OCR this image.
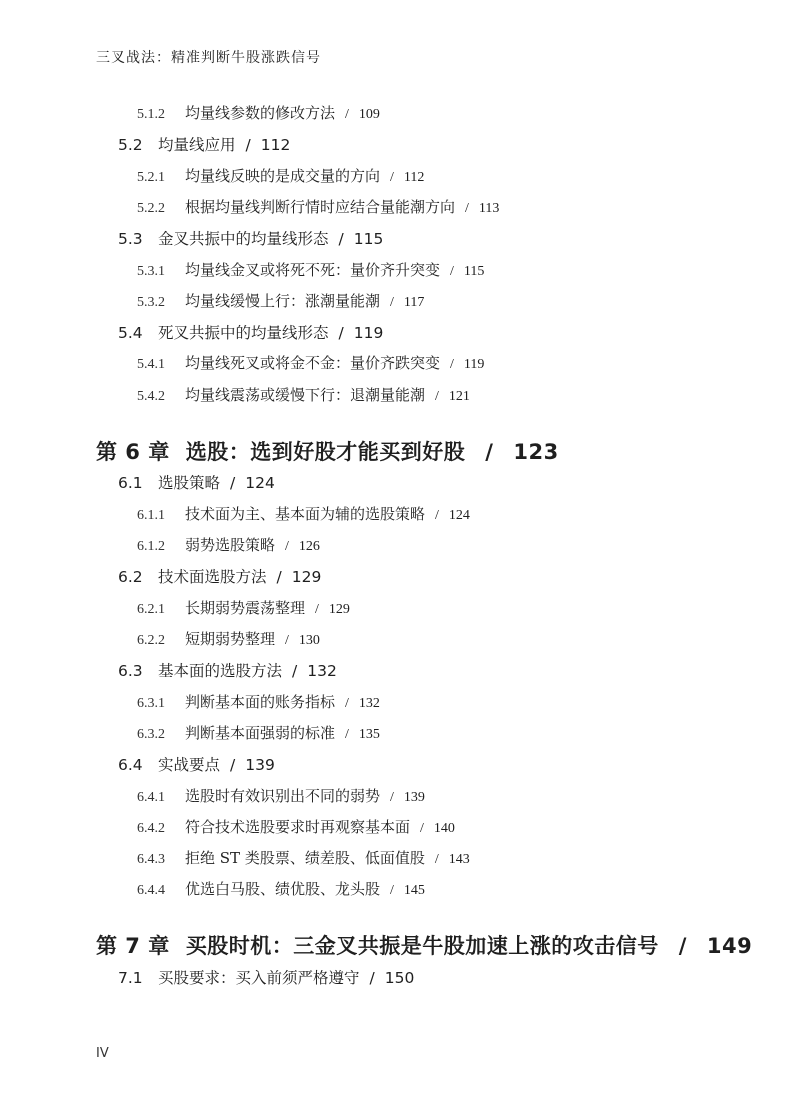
三叉战法：精准判断牛股涨跌信号
5.1.2 均量线参数的修改方法 / 109
5.2 均量线应用 / 112
5.2.1 均量线反映的是成交量的方向 / 112
5.2.2 根据均量线判断行情时应结合量能潮方向 / 113
5.3 金叉共振中的均量线形态 / 115
5.3.1 均量线金叉或将死不死：量价齐升突变 / 115
5.3.2 均量线缓慢上行：涨潮量能潮 / 117
5.4 死叉共振中的均量线形态 / 119
5.4.1 均量线死叉或将金不金：量价齐跌突变 / 119
5.4.2 均量线震荡或缓慢下行：退潮量能潮 / 121
第 6 章 选股：选到好股才能买到好股 / 123
6.1 选股策略 / 124
6.1.1 技术面为主、基本面为辅的选股策略 / 124
6.1.2 弱势选股策略 / 126
6.2 技术面选股方法 / 129
6.2.1 长期弱势震荡整理 / 129
6.2.2 短期弱势整理 / 130
6.3 基本面的选股方法 / 132
6.3.1 判断基本面的账务指标 / 132
6.3.2 判断基本面强弱的标准 / 135
6.4 实战要点 / 139
6.4.1 选股时有效识别出不同的弱势 / 139
6.4.2 符合技术选股要求时再观察基本面 / 140
6.4.3 拒绝 ST 类股票、绩差股、低面值股 / 143
6.4.4 优选白马股、绩优股、龙头股 / 145
第 7 章 买股时机：三金叉共振是牛股加速上涨的攻击信号 / 149
7.1 买股要求：买入前须严格遵守 / 150
IV
